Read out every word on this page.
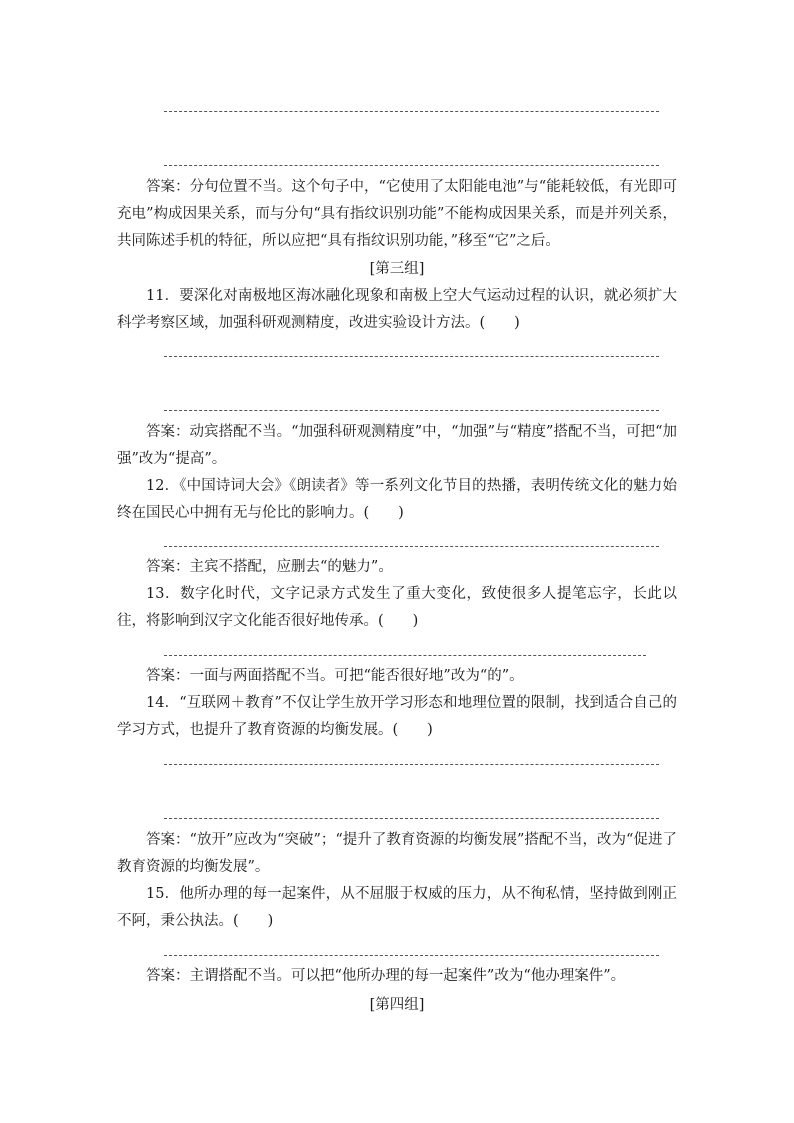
答案：分句位置不当。这个句子中，“它使用了太阳能电池”与“能耗较低，有光即可充电”构成因果关系，而与分句“具有指纹识别功能”不能构成因果关系，而是并列关系，共同陈述手机的特征，所以应把“具有指纹识别功能，”移至“它”之后。

[第三组]

11．要深化对南极地区海冰融化现象和南极上空大气运动过程的认识，就必须扩大科学考察区域，加强科研观测精度，改进实验设计方法。(　　)

答案：动宾搭配不当。“加强科研观测精度”中，“加强”与“精度”搭配不当，可把“加强”改为“提高”。

12．《中国诗词大会》《朗读者》等一系列文化节目的热播，表明传统文化的魅力始终在国民心中拥有无与伦比的影响力。(　　)

答案：主宾不搭配，应删去“的魅力”。

13．数字化时代，文字记录方式发生了重大变化，致使很多人提笔忘字，长此以往，将影响到汉字文化能否很好地传承。(　　)

答案：一面与两面搭配不当。可把“能否很好地”改为“的”。

14．“互联网＋教育”不仅让学生放开学习形态和地理位置的限制，找到适合自己的学习方式，也提升了教育资源的均衡发展。(　　)

答案：“放开”应改为“突破”；“提升了教育资源的均衡发展”搭配不当，改为“促进了教育资源的均衡发展”。

15．他所办理的每一起案件，从不屈服于权威的压力，从不徇私情，坚持做到刚正不阿，秉公执法。(　　)

答案：主谓搭配不当。可以把“他所办理的每一起案件”改为“他办理案件”。

[第四组]
